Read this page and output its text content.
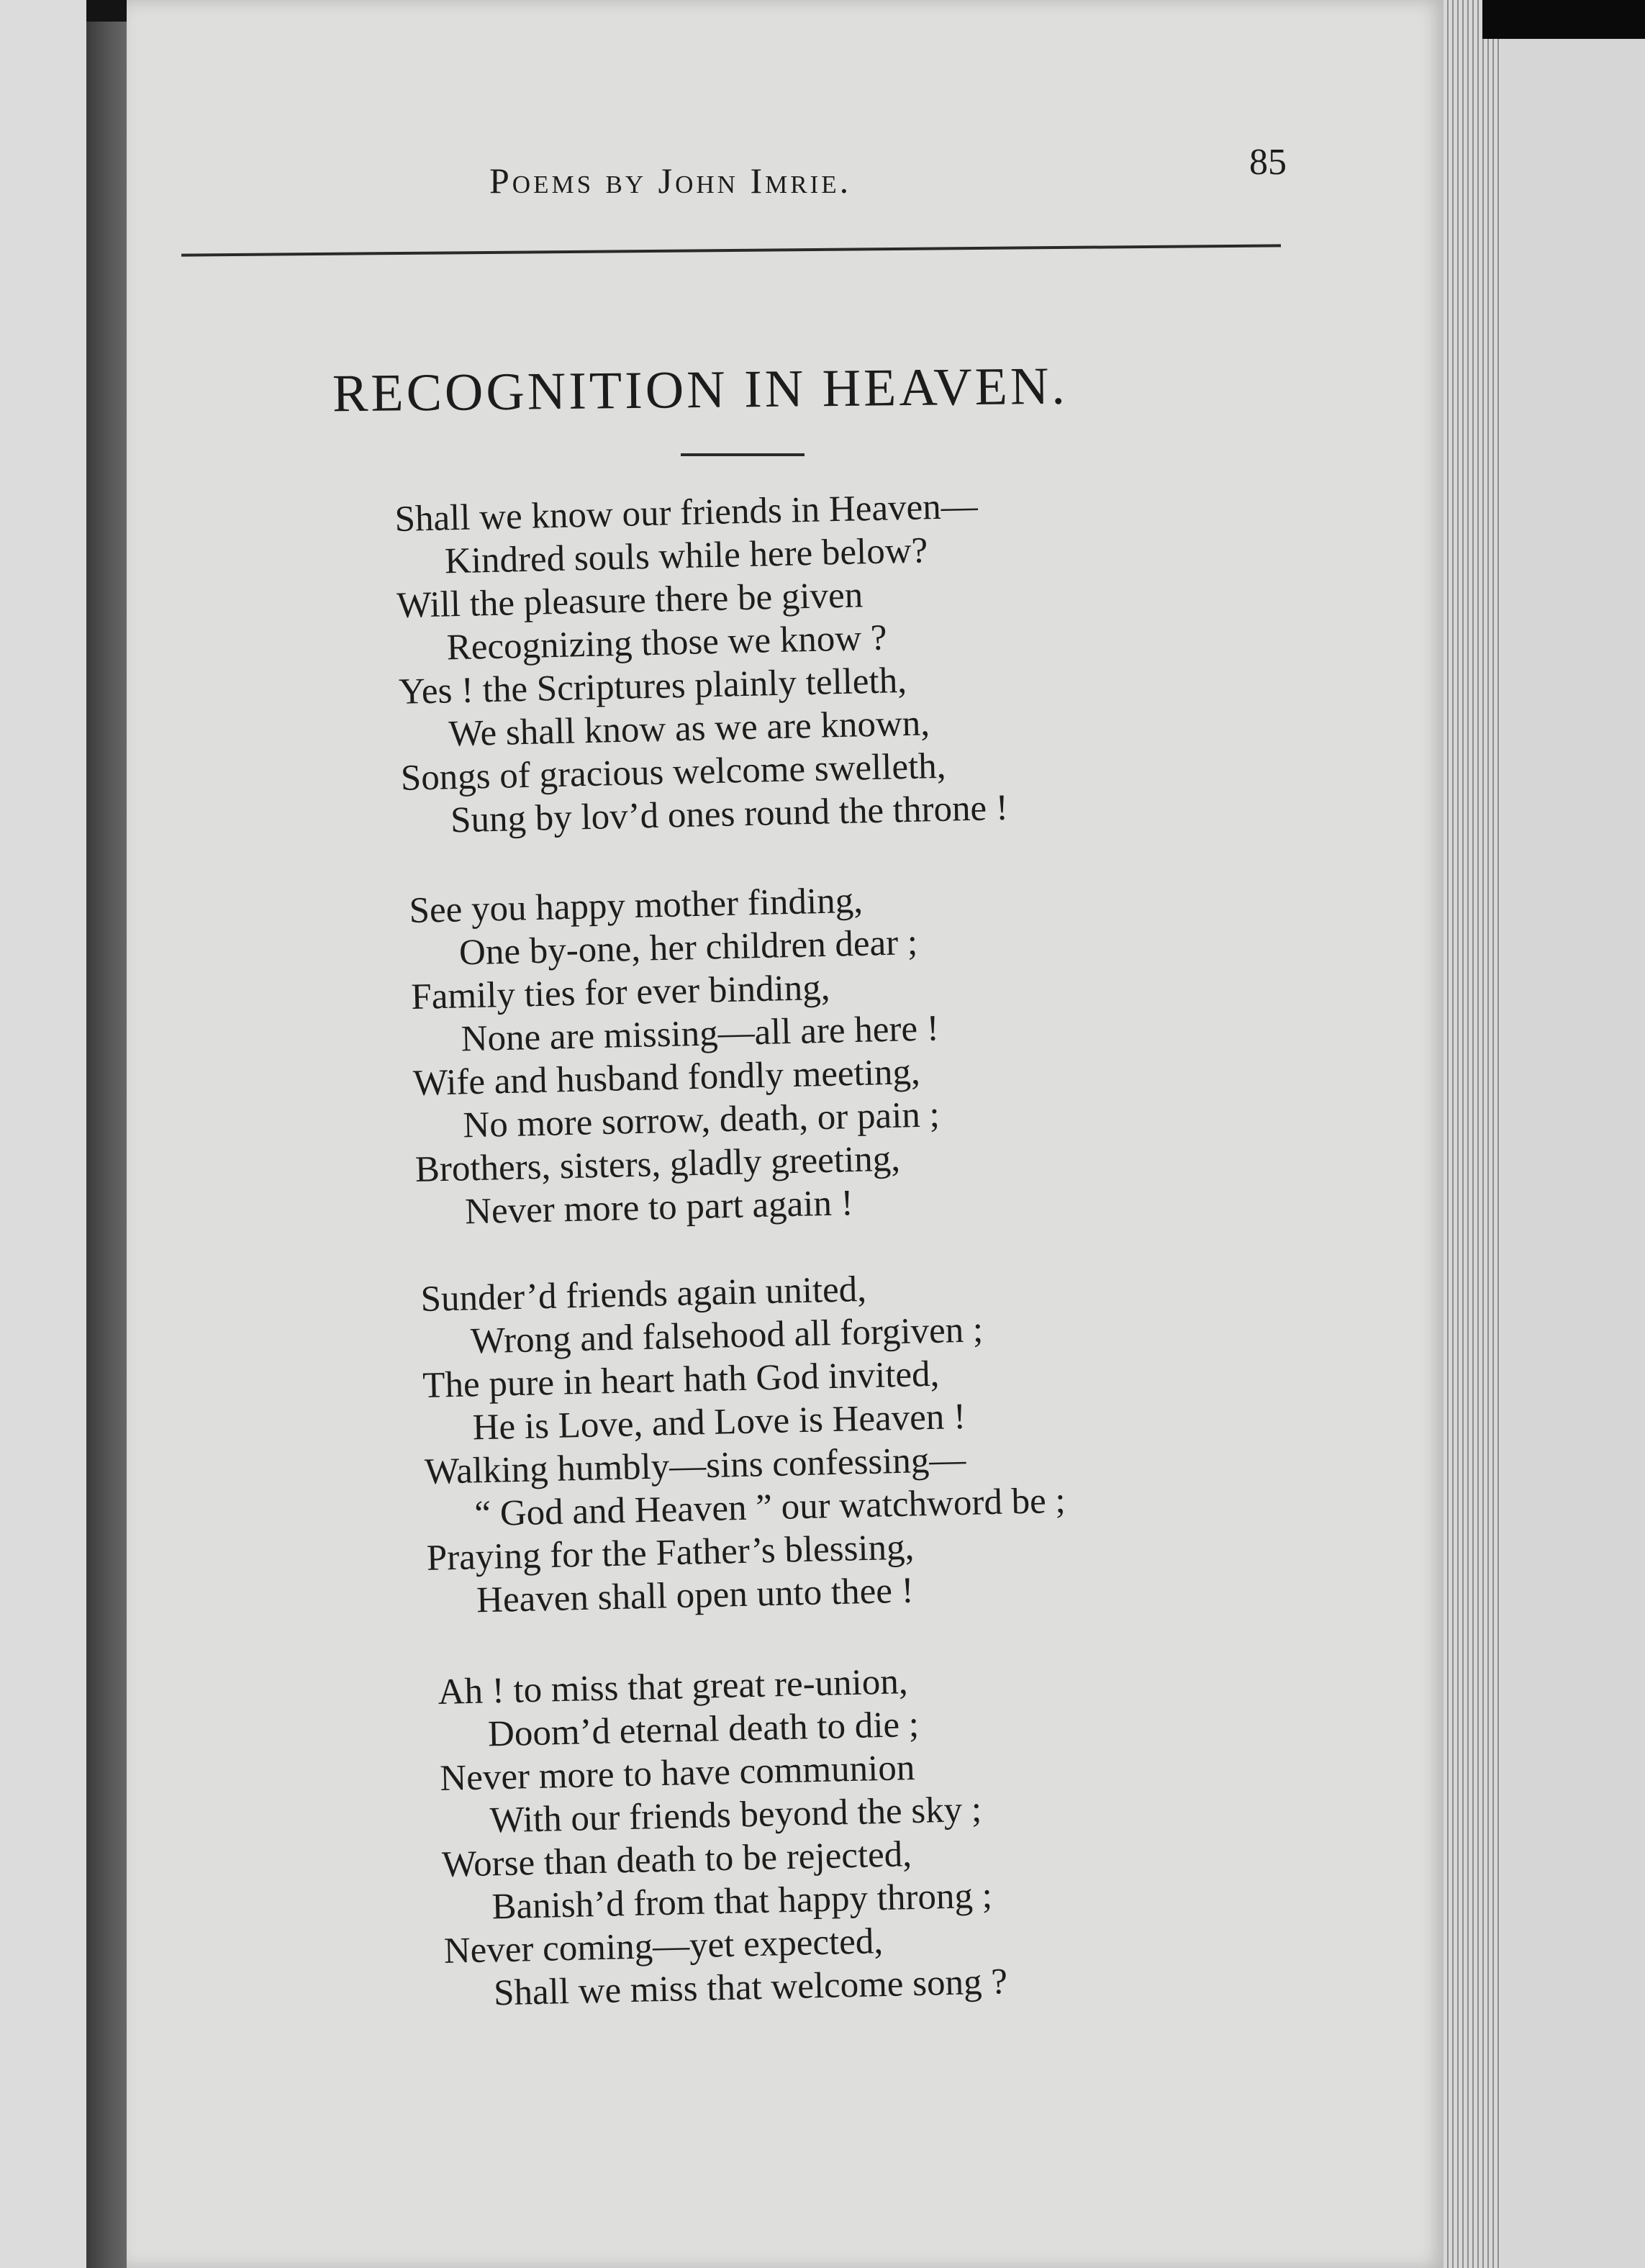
Poems by John Imrie.	85
RECOGNITION IN HEAVEN.
Shall we know our friends in Heaven—
Kindred souls while here below?
Will the pleasure there be given
Recognizing those we know ?
Yes ! the Scriptures plainly telleth,
We shall know as we are known,
Songs of gracious welcome swelleth,
Sung by lov’d ones round the throne !
See you happy mother finding,
One by-one, her children dear ;
Family ties for ever binding,
None are missing—all are here !
Wife and husband fondly meeting,
No more sorrow, death, or pain ;
Brothers, sisters, gladly greeting,
Never more to part again !
Sunder’d friends again united,
Wrong and falsehood all forgiven ;
The pure in heart hath God invited,
He is Love, and Love is Heaven !
Walking humbly—sins confessing—
“ God and Heaven ” our watchword be ;
Praying for the Father’s blessing,
Heaven shall open unto thee !
Ah ! to miss that great re-union,
Doom’d eternal death to die ;
Never more to have communion
With our friends beyond the sky ;
Worse than death to be rejected,
Banish’d from that happy throng ;
Never coming—yet expected,
Shall we miss that welcome song ?
